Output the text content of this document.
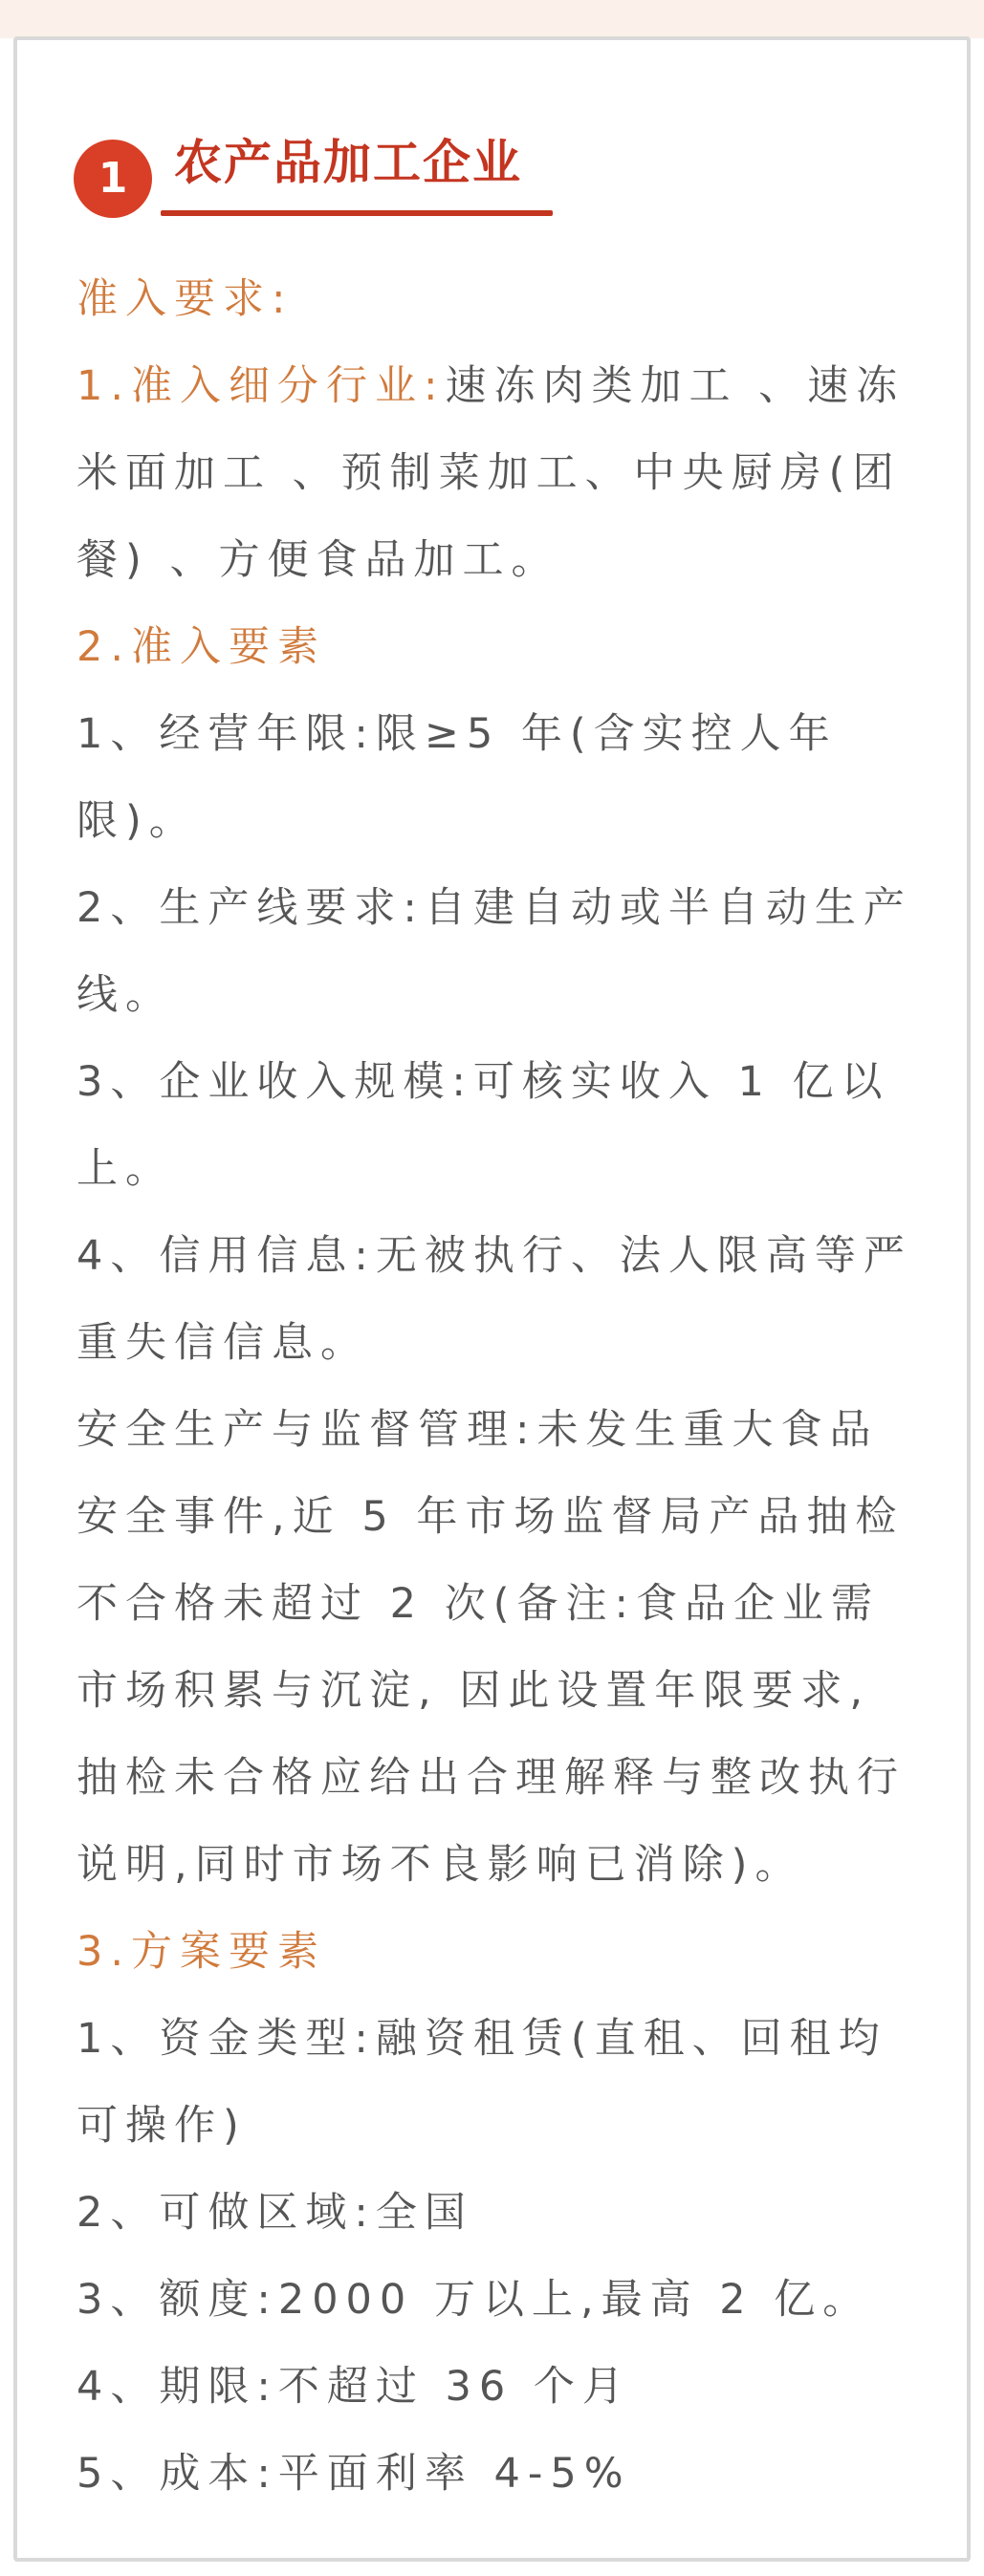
1 农产品加工企业
准入要求:
1.准入细分行业:速冻肉类加工 、速冻
米面加工 、预制菜加工、中央厨房(团
餐) 、方便食品加工。
2.准入要素
1、经营年限:限≥5 年(含实控人年
限)。
2、生产线要求:自建自动或半自动生产
线。
3、企业收入规模:可核实收入 1 亿以
上。
4、信用信息:无被执行、法人限高等严
重失信信息。
安全生产与监督管理:未发生重大食品
安全事件,近 5 年市场监督局产品抽检
不合格未超过 2 次(备注:食品企业需
市场积累与沉淀, 因此设置年限要求,
抽检未合格应给出合理解释与整改执行
说明,同时市场不良影响已消除)。
3.方案要素
1、资金类型:融资租赁(直租、回租均
可操作)
2、可做区域:全国
3、额度:2000 万以上,最高 2 亿。
4、期限:不超过 36 个月
5、成本:平面利率 4-5%
